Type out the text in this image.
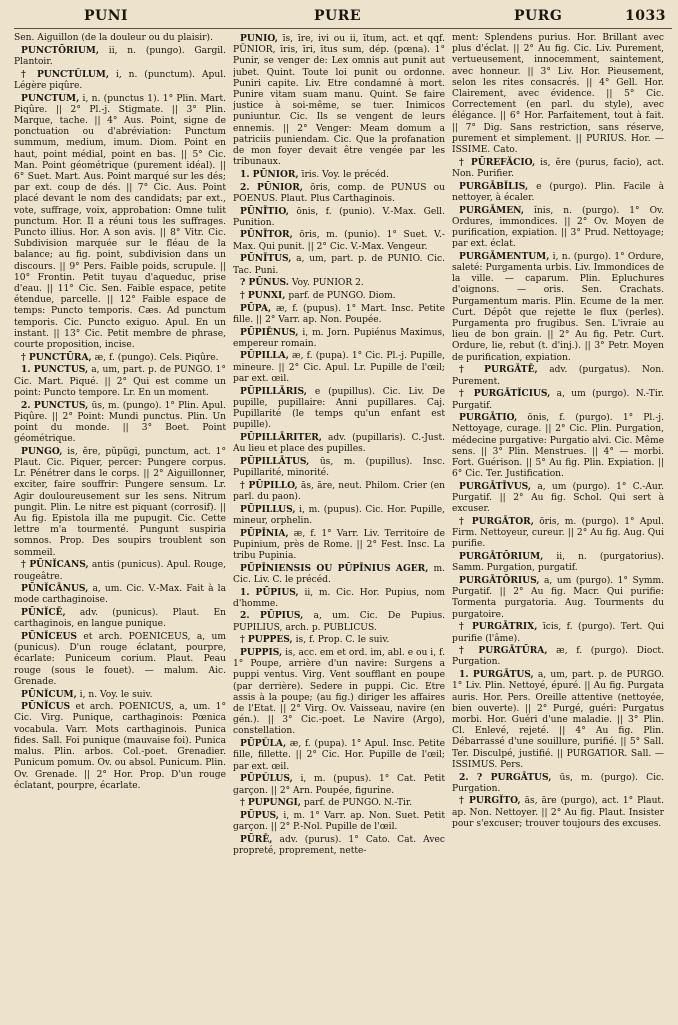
PUNI	PURE	PURG	1033

Sen. Aiguillon (de la douleur ou du plaisir).

PUNCTŌRIUM, ii, n. (pungo). Gargil. Plantoir.

† PUNCTŬLUM, i, n. (punctum). Apul. Légère piqûre.

PUNCTUM, i, n. (punctus 1). 1° Plin. Mart. Piqûre. || 2° Pl.-j. Stigmate. || 3° Plin. Marque, tache. || 4° Aus. Point, signe de ponctuation ou d'abréviation: Punctum summum, medium, imum. Diom. Point en haut, point médial, point en bas. || 5° Cic. Man. Point géométrique (purement idéal). || 6° Suet. Mart. Aus. Point marqué sur les dés; par ext. coup de dés. || 7° Cic. Aus. Point placé devant le nom des candidats; par ext., vote, suffrage, voix, approbation: Omne tulit punctum. Hor. Il a réuni tous les suffrages. Puncto illius. Hor. A son avis. || 8° Vitr. Cic. Subdivision marquée sur le fléau de la balance; au fig. point, subdivision dans un discours. || 9° Pers. Faible poids, scrupule. || 10° Frontin. Petit tuyau d'aqueduc, prise d'eau. || 11° Cic. Sen. Faible espace, petite étendue, parcelle. || 12° Faible espace de temps: Puncto temporis. Cæs. Ad punctum temporis. Cic. Puncto exiguo. Apul. En un instant. || 13° Cic. Petit membre de phrase, courte proposition, incise.

† PUNCTŪRA, æ, f. (pungo). Cels. Piqûre.

1. PUNCTUS, a, um, part. p. de PUNGO. 1° Cic. Mart. Piqué. || 2° Qui est comme un point: Puncto tempore. Lr. En un moment.

2. PUNCTUS, ūs, m. (pungo). 1° Plin. Apul. Piqûre. || 2° Point: Mundi punctus. Plin. Un point du monde. || 3° Boet. Point géométrique.

PUNGO, is, ĕre, pŭpŭgi, punctum, act. 1° Plaut. Cic. Piquer, percer: Pungere corpus. Lr. Pénétrer dans le corps. || 2° Aiguillonner, exciter, faire souffrir: Pungere sensum. Lr. Agir douloureusement sur les sens. Nitrum pungit. Plin. Le nitre est piquant (corrosif). || Au fig. Epistola illa me pupugit. Cic. Cette lettre m'a tourmenté. Pungunt suspiria somnos. Prop. Des soupirs troublent son sommeil.

† PŪNĬCANS, antis (punicus). Apul. Rouge, rougeâtre.

PŪNĬCĀNUS, a, um. Cic. V.-Max. Fait à la mode carthaginoise.

PŪNĬCĒ, adv. (punicus). Plaut. En carthaginois, en langue punique.

PŪNĬCEUS et arch. POENICEUS, a, um (punicus). D'un rouge éclatant, pourpre, écarlate: Puniceum corium. Plaut. Peau rouge (sous le fouet). — malum. Aic. Grenade.

PŪNĬCUM, i, n. Voy. le suiv.

PŪNĬCUS et arch. POENICUS, a, um. 1° Cic. Virg. Punique, carthaginois: Pœnica vocabula. Varr. Mots carthaginois. Punica fides. Sall. Foi punique (mauvaise foi). Punica malus. Plin. arbos. Col.-poet. Grenadier. Punicum pomum. Ov. ou absol. Punicum. Plin. Ov. Grenade. || 2° Hor. Prop. D'un rouge éclatant, pourpre, écarlate.

PŪNIO, īs, īre, ivi ou ii, ītum, act. et qqf. PŪNIOR, īris, īri, ītus sum, dép. (pœna). 1° Punir, se venger de: Lex omnis aut punit aut jubet. Quint. Toute loi punit ou ordonne. Puniri capite. Liv. Etre condamné à mort. Punire vitam suam manu. Quint. Se faire justice à soi-même, se tuer. Inimicos puniuntur. Cic. Ils se vengent de leurs ennemis. || 2° Venger: Meam domum a patriciis puniendam. Cic. Que la profanation de mon foyer devait être vengée par les tribunaux.

1. PŪNIOR, īris. Voy. le précéd.

2. PŪNIOR, ōris, comp. de PUNUS ou POENUS. Plaut. Plus Carthaginois.

PŪNĪTIO, ōnis, f. (punio). V.-Max. Gell. Punition.

PŪNĪTOR, ōris, m. (punio). 1° Suet. V.-Max. Qui punit. || 2° Cic. V.-Max. Vengeur.

PŪNĪTUS, a, um, part. p. de PUNIO. Cic. Tac. Puni.

? PŪNUS. Voy. PUNIOR 2.

† PUNXI, parf. de PUNGO. Diom.

PŪPA, æ, f. (pupus). 1° Mart. Insc. Petite fille. || 2° Varr. ap. Non. Poupée.

PŪPIĒNUS, i, m. Jorn. Pupiénus Maximus, empereur romain.

PŪPILLA, æ, f. (pupa). 1° Cic. Pl.-j. Pupille, mineure. || 2° Cic. Apul. Lr. Pupille de l'œil; par ext. œil.

PŪPILLĀRIS, e (pupillus). Cic. Liv. De pupille, pupillaire: Anni pupillares. Caj. Pupillarité (le temps qu'un enfant est pupille).

PŪPILLĀRITER, adv. (pupillaris). C.-Just. Au lieu et place des pupilles.

PŪPILLĀTUS, ūs, m. (pupillus). Insc. Pupillarité, minorité.

† PŪPILLO, ās, āre, neut. Philom. Crier (en parl. du paon).

PŪPILLUS, i, m. (pupus). Cic. Hor. Pupille, mineur, orphelin.

PŪPĪNIA, æ, f. 1° Varr. Liv. Territoire de Pupinium, près de Rome. || 2° Fest. Insc. La tribu Pupinia.

PŪPĪNIENSIS OU PŪPĪNIUS AGER, m. Cic. Liv. C. le précéd.

1. PŪPIUS, ii, m. Cic. Hor. Pupius, nom d'homme.

2. PŪPIUS, a, um. Cic. De Pupius. PUPILIUS, arch. p. PUBLICUS.

† PUPPES, is, f. Prop. C. le suiv.

PUPPIS, is, acc. em et ord. im, abl. e ou i, f. 1° Poupe, arrière d'un navire: Surgens a puppi ventus. Virg. Vent soufflant en poupe (par derrière). Sedere in puppi. Cic. Etre assis à la poupe; (au fig.) diriger les affaires de l'Etat. || 2° Virg. Ov. Vaisseau, navire (en gén.). || 3° Cic.-poet. Le Navire (Argo), constellation.

PŪPŬLA, æ, f. (pupa). 1° Apul. Insc. Petite fille, fillette. || 2° Cic. Hor. Pupille de l'œil; par ext. œil.

PŪPŬLUS, i, m. (pupus). 1° Cat. Petit garçon. || 2° Arn. Poupée, figurine.

† PUPUNGI, parf. de PUNGO. N.-Tir.

PŪPUS, i, m. 1° Varr. ap. Non. Suet. Petit garçon. || 2° P.-Nol. Pupille de l'œil.

PŪRĒ, adv. (purus). 1° Cato. Cat. Avec propreté, proprement, nette-

ment: Splendens purius. Hor. Brillant avec plus d'éclat. || 2° Au fig. Cic. Liv. Purement, vertueusement, innocemment, saintement, avec honneur. || 3° Liv. Hor. Pieusement, selon les rites consacrés. || 4° Gell. Hor. Clairement, avec évidence. || 5° Cic. Correctement (en parl. du style), avec élégance. || 6° Hor. Parfaitement, tout à fait. || 7° Dig. Sans restriction, sans réserve, purement et simplement. || PURIUS. Hor. — ISSIME. Cato.

† PŪREFĂCIO, is, ĕre (purus, facio), act. Non. Purifier.

PURGĀBĬLIS, e (purgo). Plin. Facile à nettoyer, à écaler.

PURGĀMEN, ĭnis, n. (purgo). 1° Ov. Ordures, immondices. || 2° Ov. Moyen de purification, expiation. || 3° Prud. Nettoyage; par ext. éclat.

PURGĀMENTUM, i, n. (purgo). 1° Ordure, saleté: Purgamenta urbis. Liv. Immondices de la ville. — caparum. Plin. Epluchures d'oignons. — oris. Sen. Crachats. Purgamentum maris. Plin. Ecume de la mer. Curt. Dépôt que rejette le flux (perles). Purgamenta pro frugibus. Sen. L'ivraie au lieu de bon grain. || 2° Au fig. Petr. Curt. Ordure, lie, rebut (t. d'inj.). || 3° Petr. Moyen de purification, expiation.

† PURGĀTĒ, adv. (purgatus). Non. Purement.

† PURGĀTĬCIUS, a, um (purgo). N.-Tir. Purgatif.

PURGĀTIO, ōnis, f. (purgo). 1° Pl.-j. Nettoyage, curage. || 2° Cic. Plin. Purgation, médecine purgative: Purgatio alvi. Cic. Même sens. || 3° Plin. Menstrues. || 4° — morbi. Fort. Guérison. || 5° Au fig. Plin. Expiation. || 6° Cic. Ter. Justification.

PURGĀTĪVUS, a, um (purgo). 1° C.-Aur. Purgatif. || 2° Au fig. Schol. Qui sert à excuser.

† PURGĀTOR, ōris, m. (purgo). 1° Apul. Firm. Nettoyeur, cureur. || 2° Au fig. Aug. Qui purifie.

PURGĀTŌRIUM, ii, n. (purgatorius). Samm. Purgation, purgatif.

PURGĀTŌRIUS, a, um (purgo). 1° Symm. Purgatif. || 2° Au fig. Macr. Qui purifie: Tormenta purgatoria. Aug. Tourments du purgatoire.

† PURGĀTRIX, īcis, f. (purgo). Tert. Qui purifie (l'âme).

† PURGĀTŪRA, æ, f. (purgo). Dioct. Purgation.

1. PURGĀTUS, a, um, part. p. de PURGO. 1° Liv. Plin. Nettoyé, épuré. || Au fig. Purgata auris. Hor. Pers. Oreille attentive (nettoyée, bien ouverte). || 2° Purgé, guéri: Purgatus morbi. Hor. Guéri d'une maladie. || 3° Plin. Cl. Enlevé, rejeté. || 4° Au fig. Plin. Débarrassé d'une souillure, purifié. || 5° Sall. Ter. Disculpé, justifié. || PURGATIOR. Sall. — ISSIMUS. Pers.

2. ? PURGĀTUS, ūs, m. (purgo). Cic. Purgation.

† PURGĬTO, ās, āre (purgo), act. 1° Plaut. ap. Non. Nettoyer. || 2° Au fig. Plaut. Insister pour s'excuser; trouver toujours des excuses.
